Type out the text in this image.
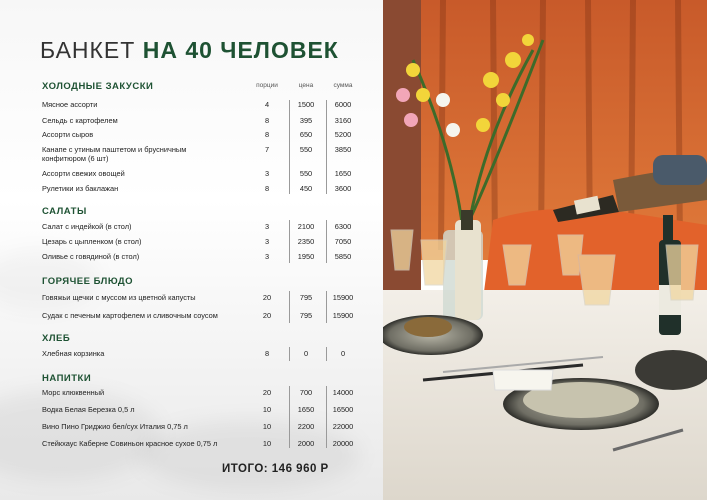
БАНКЕТ НА 40 ЧЕЛОВЕК
порции	цена	сумма
ХОЛОДНЫЕ ЗАКУСКИ
Мясное ассорти	4	1500	6000
Сельдь с картофелем	8	395	3160
Ассорти сыров	8	650	5200
Канапе с утиным паштетом и брусничным конфитюром (6 шт)
7	550	3850
Ассорти свежих овощей	3	550	1650
Рулетики из баклажан	8	450	3600
САЛАТЫ
Салат с индейкой (в стол)	3	2100	6300
Цезарь с цыпленком (в стол)	3	2350	7050
Оливье с говядиной (в стол)	3	1950	5850
ГОРЯЧЕЕ БЛЮДО
Говяжьи щечки с муссом из цветной капусты	20	795	15900
Судак с печеным картофелем и сливочным соусом	20	795	15900
ХЛЕБ
Хлебная корзинка	8	0	0
НАПИТКИ
Морс клюквенный	20	700	14000
Водка Белая Березка 0,5 л	10	1650	16500
Вино Пино Гриджио бел/сух Италия 0,75 л	10	2200	22000
Стейкхаус Каберне Совиньон красное сухое 0,75 л	10	2000	20000
ИТОГО: 146 960 Р
